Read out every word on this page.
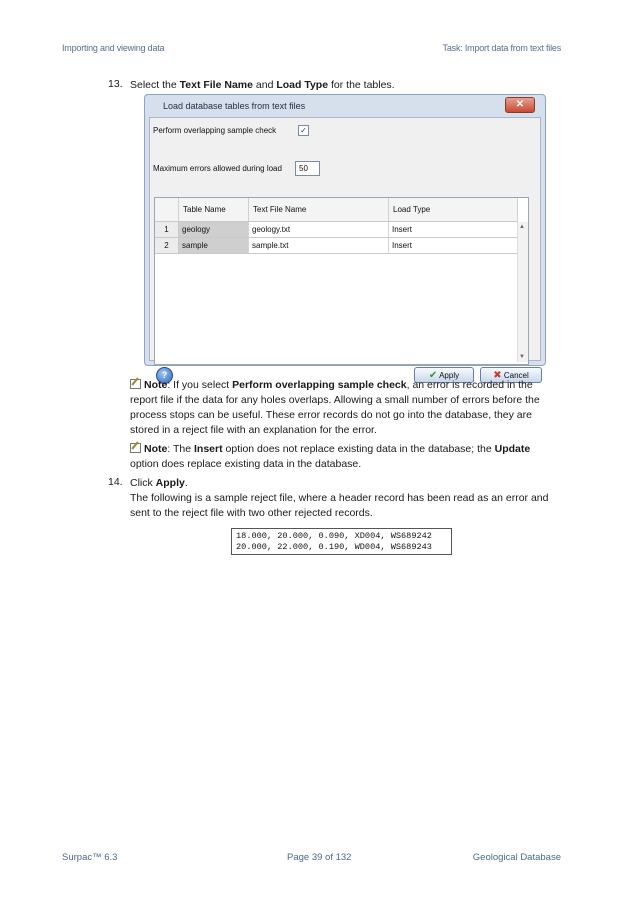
Importing and viewing data	Task: Import data from text files
13. Select the Text File Name and Load Type for the tables.
Load database tables from text files	✕
Perform overlapping sample check	✓
Maximum errors allowed during load	50
Table Name	Text File Name	Load Type
1	geology	geology.txt	Insert
2	sample	sample.txt	Insert
▲
▼
?	✔ Apply	✖ Cancel
Note: If you select Perform overlapping sample check, an error is recorded in the
report file if the data for any holes overlaps. Allowing a small number of errors before the
process stops can be useful. These error records do not go into the database, they are
stored in a reject file with an explanation for the error.
Note: The Insert option does not replace existing data in the database; the Update
option does replace existing data in the database.
14. Click Apply.
The following is a sample reject file, where a header record has been read as an error and
sent to the reject file with two other rejected records.
18.000, 20.000, 0.090, XD004, WS689242
20.000, 22.000, 0.190, WD004, WS689243
Surpac™ 6.3	Page 39 of 132	Geological Database
